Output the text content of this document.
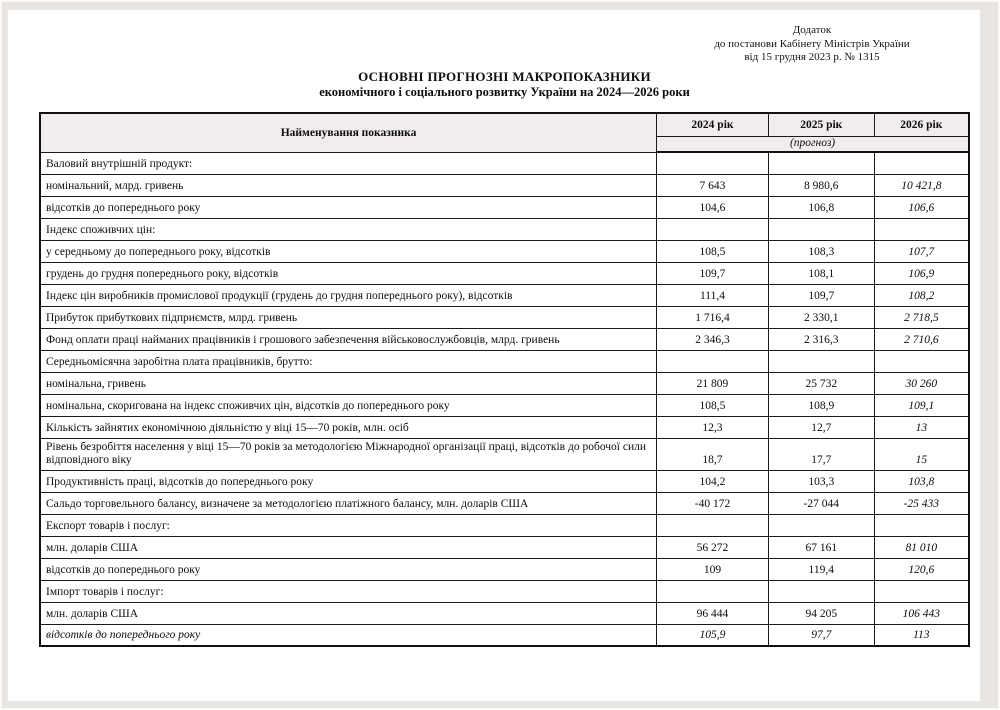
Додаток
до постанови Кабінету Міністрів України
від 15 грудня 2023 р. № 1315
ОСНОВНІ ПРОГНОЗНІ МАКРОПОКАЗНИКИ
економічного і соціального розвитку України на 2024—2026 роки
Найменування показника	2024 рік	2025 рік	2026 рік
	(прогноз)		
Валовий внутрішній продукт:			
номінальний, млрд. гривень	7 643	8 980,6	10 421,8
відсотків до попереднього року	104,6	106,8	106,6
Індекс споживчих цін:			
у середньому до попереднього року, відсотків	108,5	108,3	107,7
грудень до грудня попереднього року, відсотків	109,7	108,1	106,9
Індекс цін виробників промислової продукції (грудень до грудня попереднього року), відсотків	111,4	109,7	108,2
Прибуток прибуткових підприємств, млрд. гривень	1 716,4	2 330,1	2 718,5
Фонд оплати праці найманих працівників і грошового забезпечення військовослужбовців, млрд. гривень	2 346,3	2 316,3	2 710,6
Середньомісячна заробітна плата працівників, брутто:			
номінальна, гривень	21 809	25 732	30 260
номінальна, скоригована на індекс споживчих цін, відсотків до попереднього року	108,5	108,9	109,1
Кількість зайнятих економічною діяльністю у віці 15—70 років, млн. осіб	12,3	12,7	13
Рівень безробіття населення у віці 15—70 років за методологією Міжнародної організації праці, відсотків до робочої сили відповідного віку	18,7	17,7	15
Продуктивність праці, відсотків до попереднього року	104,2	103,3	103,8
Сальдо торговельного балансу, визначене за методологією платіжного балансу, млн. доларів США	-40 172	-27 044	-25 433
Експорт товарів і послуг:			
млн. доларів США	56 272	67 161	81 010
відсотків до попереднього року	109	119,4	120,6
Імпорт товарів і послуг:			
млн. доларів США	96 444	94 205	106 443
відсотків до попереднього року	105,9	97,7	113
